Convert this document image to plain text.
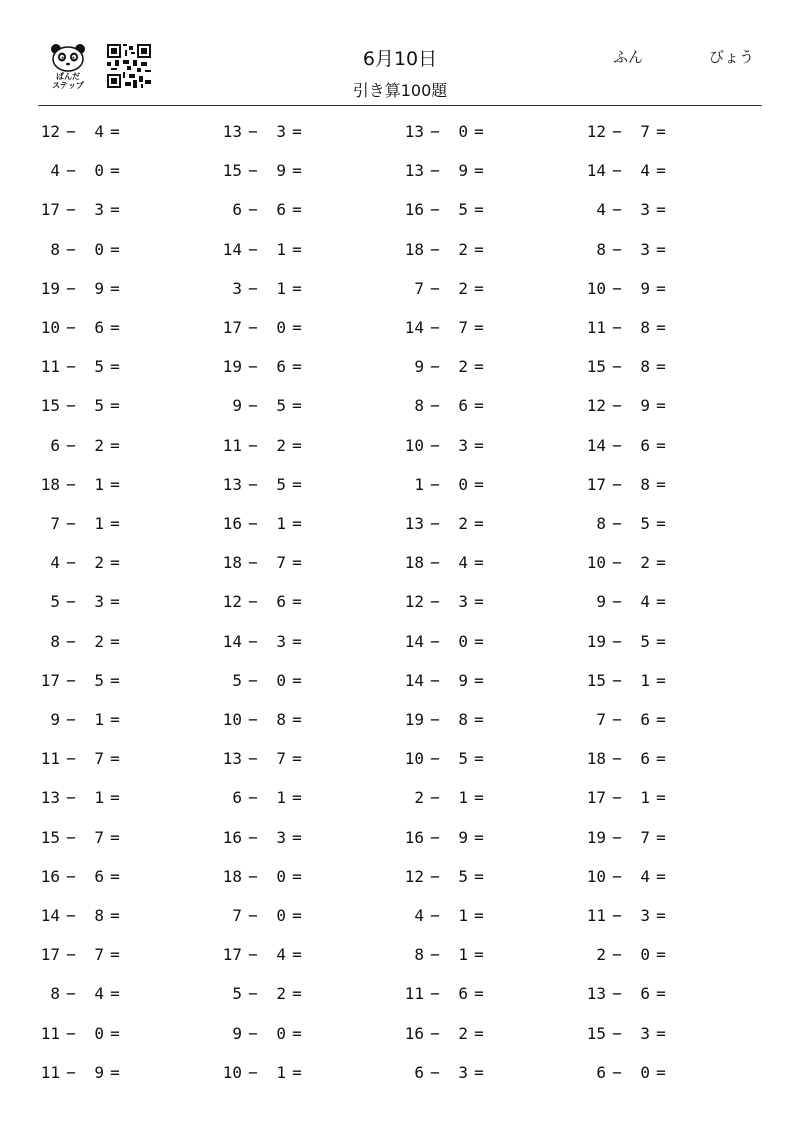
ぱんだ
ステップ
6月10日
引き算100題
ふん	びょう
12 − 4 =	13 − 3 =	13 − 0 =	12 − 7 =
4 − 0 =	15 − 9 =	13 − 9 =	14 − 4 =
17 − 3 =	6 − 6 =	16 − 5 =	4 − 3 =
8 − 0 =	14 − 1 =	18 − 2 =	8 − 3 =
19 − 9 =	3 − 1 =	7 − 2 =	10 − 9 =
10 − 6 =	17 − 0 =	14 − 7 =	11 − 8 =
11 − 5 =	19 − 6 =	9 − 2 =	15 − 8 =
15 − 5 =	9 − 5 =	8 − 6 =	12 − 9 =
6 − 2 =	11 − 2 =	10 − 3 =	14 − 6 =
18 − 1 =	13 − 5 =	1 − 0 =	17 − 8 =
7 − 1 =	16 − 1 =	13 − 2 =	8 − 5 =
4 − 2 =	18 − 7 =	18 − 4 =	10 − 2 =
5 − 3 =	12 − 6 =	12 − 3 =	9 − 4 =
8 − 2 =	14 − 3 =	14 − 0 =	19 − 5 =
17 − 5 =	5 − 0 =	14 − 9 =	15 − 1 =
9 − 1 =	10 − 8 =	19 − 8 =	7 − 6 =
11 − 7 =	13 − 7 =	10 − 5 =	18 − 6 =
13 − 1 =	6 − 1 =	2 − 1 =	17 − 1 =
15 − 7 =	16 − 3 =	16 − 9 =	19 − 7 =
16 − 6 =	18 − 0 =	12 − 5 =	10 − 4 =
14 − 8 =	7 − 0 =	4 − 1 =	11 − 3 =
17 − 7 =	17 − 4 =	8 − 1 =	2 − 0 =
8 − 4 =	5 − 2 =	11 − 6 =	13 − 6 =
11 − 0 =	9 − 0 =	16 − 2 =	15 − 3 =
11 − 9 =	10 − 1 =	6 − 3 =	6 − 0 =
